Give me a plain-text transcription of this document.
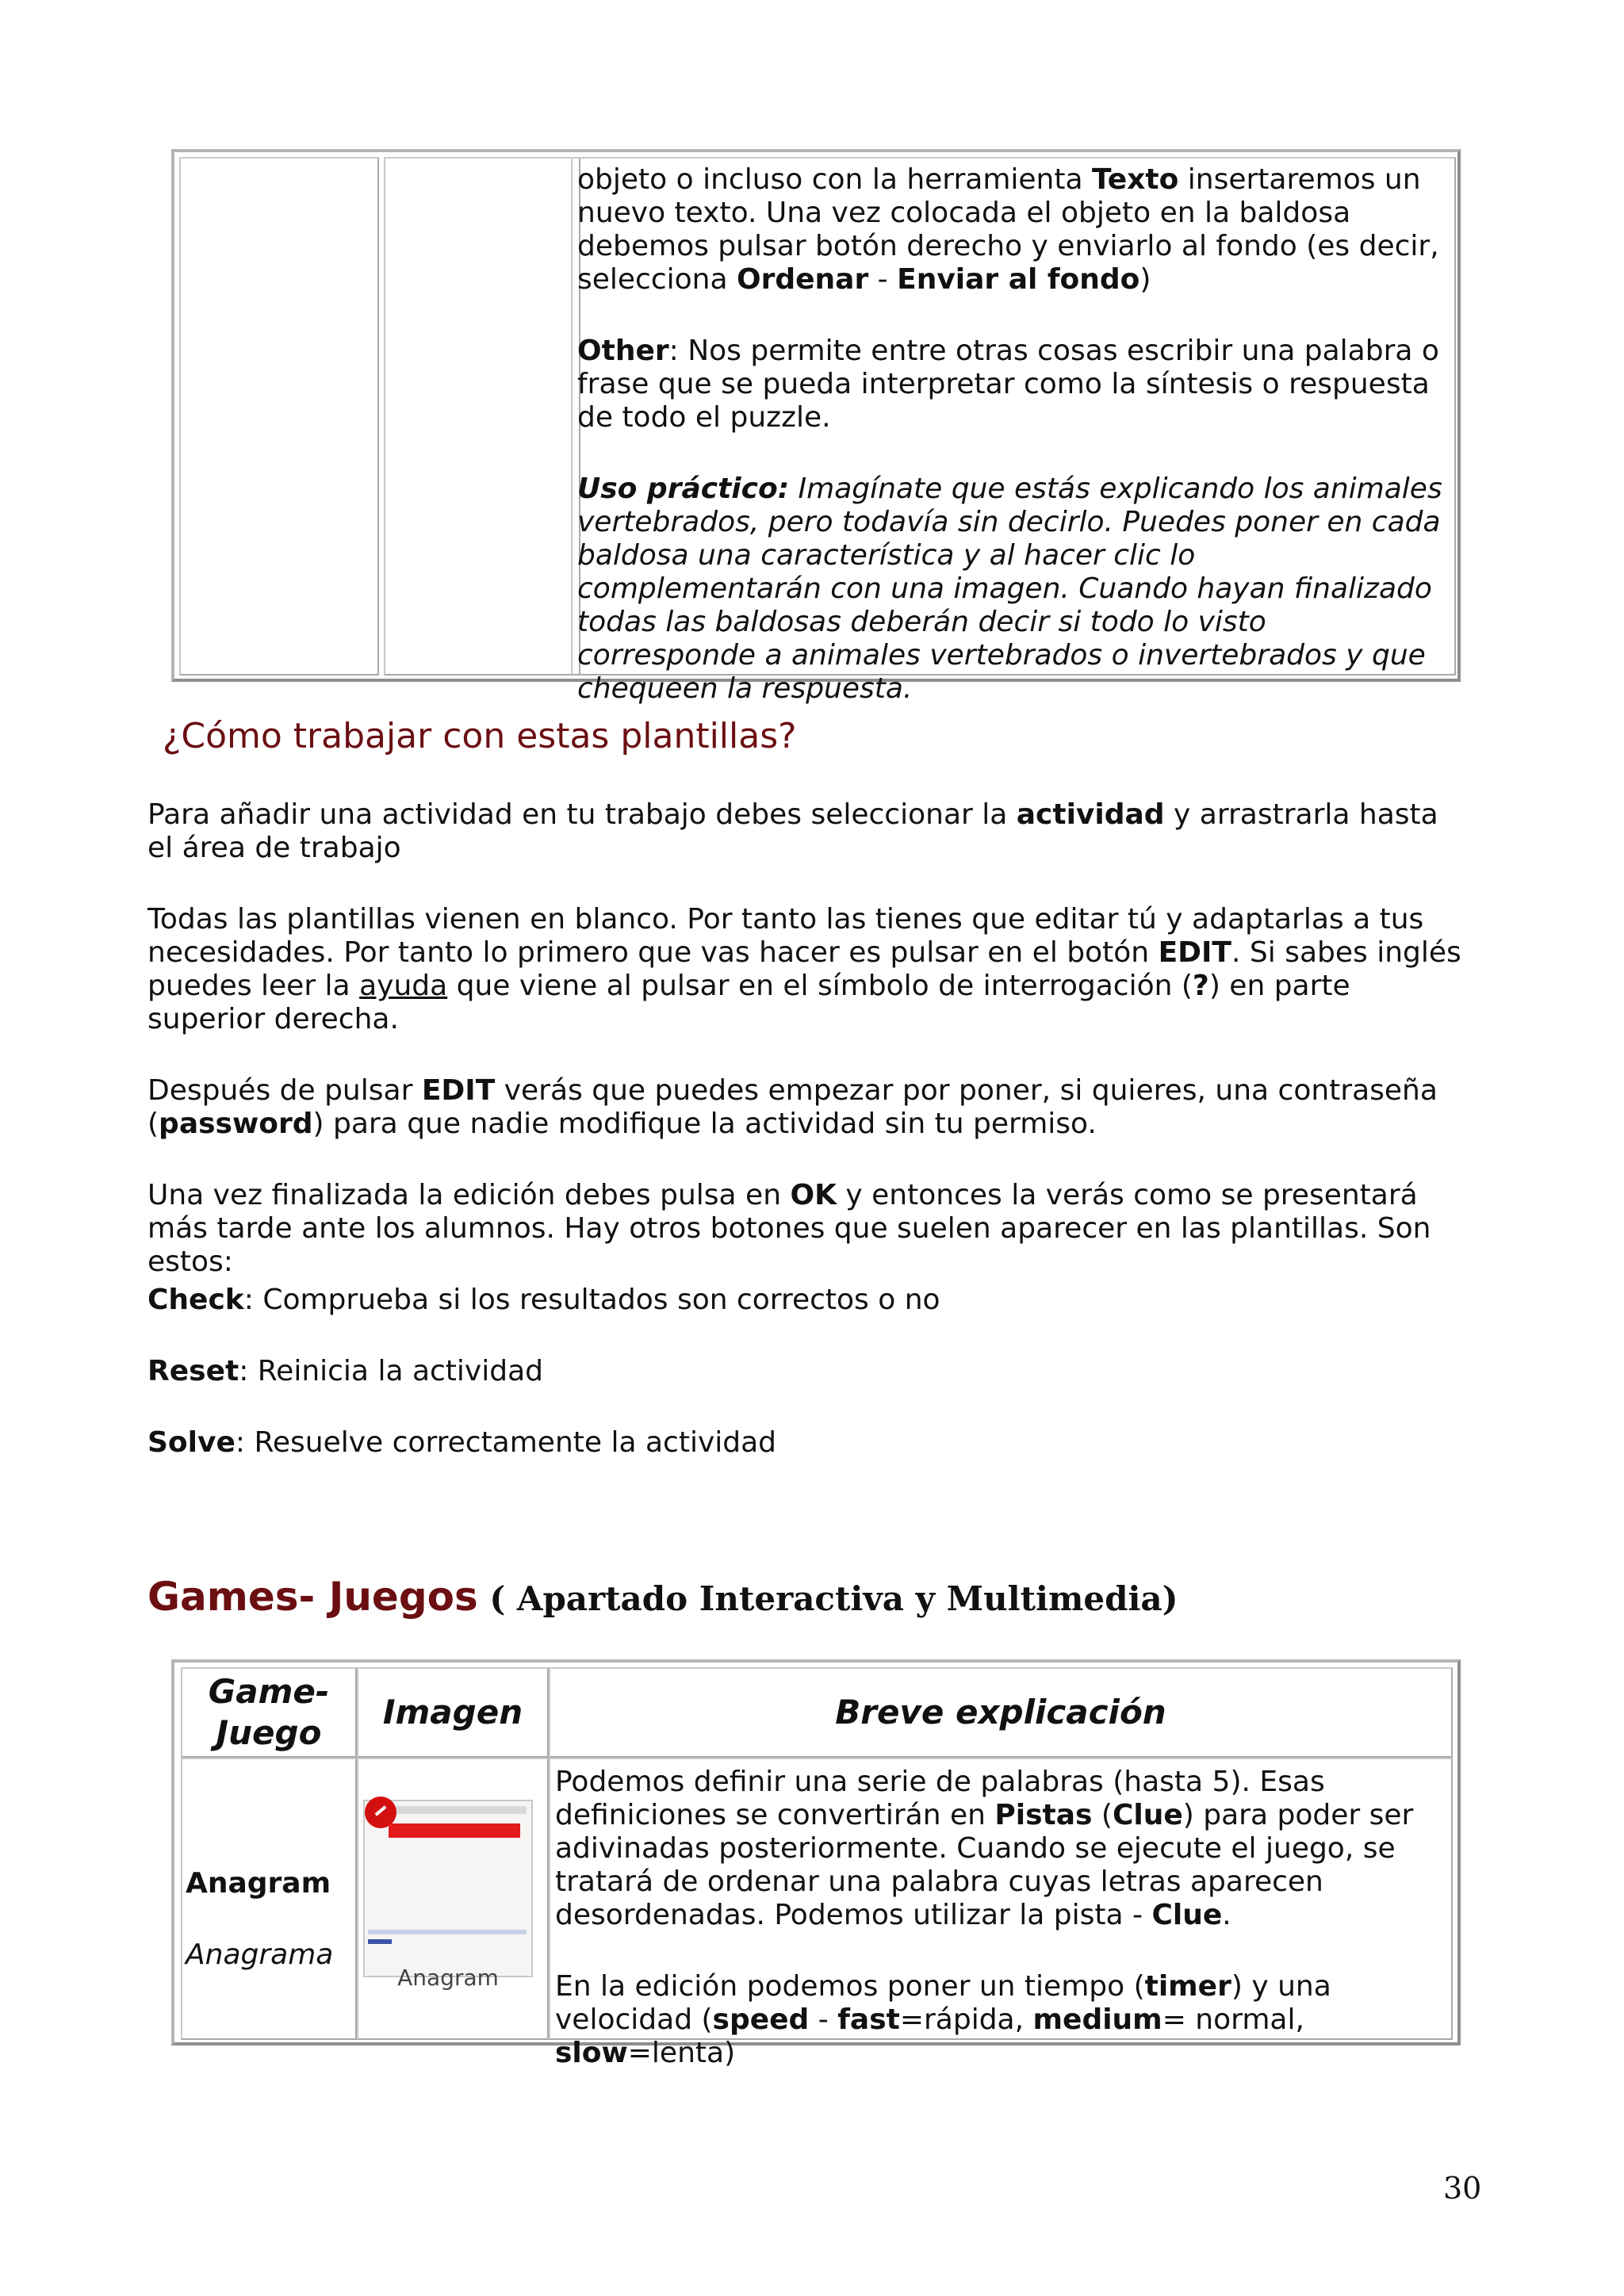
objeto o incluso con la herramienta Texto insertaremos un nuevo texto. Una vez colocada el objeto en la baldosa debemos pulsar botón derecho y enviarlo al fondo (es decir, selecciona Ordenar - Enviar al fondo)

Other: Nos permite entre otras cosas escribir una palabra o frase que se pueda interpretar como la síntesis o respuesta de todo el puzzle.

Uso práctico: Imagínate que estás explicando los animales vertebrados, pero todavía sin decirlo. Puedes poner en cada baldosa una característica y al hacer clic lo complementarán con una imagen. Cuando hayan finalizado todas las baldosas deberán decir si todo lo visto corresponde a animales vertebrados o invertebrados y que chequeen la respuesta.

¿Cómo trabajar con estas plantillas?

Para añadir una actividad en tu trabajo debes seleccionar la actividad y arrastrarla hasta el área de trabajo

Todas las plantillas vienen en blanco. Por tanto las tienes que editar tú y adaptarlas a tus necesidades. Por tanto lo primero que vas hacer es pulsar en el botón EDIT. Si sabes inglés puedes leer la ayuda que viene al pulsar en el símbolo de interrogación (?) en parte superior derecha.

Después de pulsar EDIT verás que puedes empezar por poner, si quieres, una contraseña (password) para que nadie modifique la actividad sin tu permiso.

Una vez finalizada la edición debes pulsa en OK y entonces la verás como se presentará más tarde ante los alumnos. Hay otros botones que suelen aparecer en las plantillas. Son estos:

Check: Comprueba si los resultados son correctos o no

Reset: Reinicia la actividad

Solve: Resuelve correctamente la actividad

Games- Juegos ( Apartado Interactiva y Multimedia)
Game-Juego
Imagen	Breve explicación
Anagram
Anagrama

Podemos definir una serie de palabras (hasta 5). Esas definiciones se convertirán en Pistas (Clue) para poder ser adivinadas posteriormente. Cuando se ejecute el juego, se tratará de ordenar una palabra cuyas letras aparecen desordenadas. Podemos utilizar la pista - Clue.

En la edición podemos poner un tiempo (timer) y una velocidad (speed - fast=rápida, medium= normal, slow=lenta)

Anagram
30
